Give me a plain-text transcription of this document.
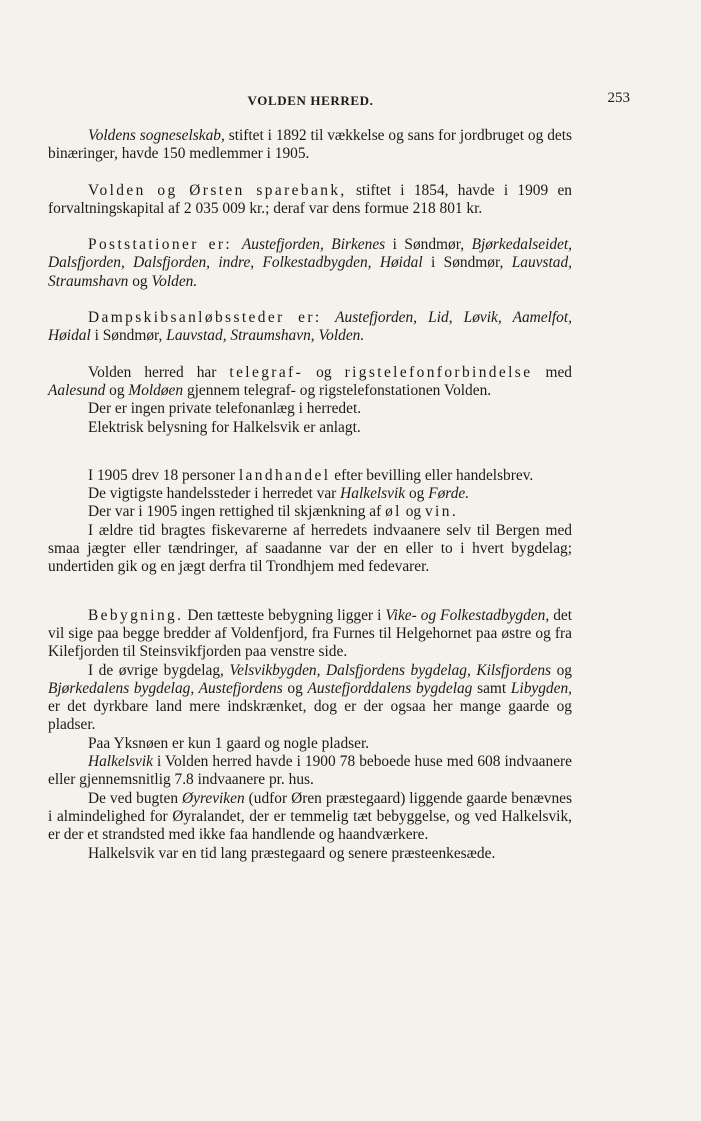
VOLDEN HERRED.	253

Voldens sogneselskab, stiftet i 1892 til vækkelse og sans for jordbruget og dets binæringer, havde 150 medlemmer i 1905.

Volden og Ørsten sparebank, stiftet i 1854, havde i 1909 en forvaltningskapital af 2 035 009 kr.; deraf var dens formue 218 801 kr.

Poststationer er: Austefjorden, Birkenes i Søndmør, Bjørkedalseidet, Dalsfjorden, Dalsfjorden, indre, Folkestadbygden, Høidal i Søndmør, Lauvstad, Straumshavn og Volden.

Dampskibsanløbssteder er: Austefjorden, Lid, Løvik, Aamelfot, Høidal i Søndmør, Lauvstad, Straumshavn, Volden.

Volden herred har telegraf- og rigstelefonforbindelse med Aalesund og Moldøen gjennem telegraf- og rigstelefonstationen Volden.

Der er ingen private telefonanlæg i herredet.

Elektrisk belysning for Halkelsvik er anlagt.

I 1905 drev 18 personer landhandel efter bevilling eller handelsbrev.

De vigtigste handelssteder i herredet var Halkelsvik og Førde.

Der var i 1905 ingen rettighed til skjænkning af øl og vin.

I ældre tid bragtes fiskevarerne af herredets indvaanere selv til Bergen med smaa jægter eller tændringer, af saadanne var der en eller to i hvert bygdelag; undertiden gik og en jægt derfra til Trondhjem med fedevarer.

Bebygning. Den tætteste bebygning ligger i Vike- og Folkestadbygden, det vil sige paa begge bredder af Voldenfjord, fra Furnes til Helgehornet paa østre og fra Kilefjorden til Steinsvikfjorden paa venstre side.

I de øvrige bygdelag, Velsvikbygden, Dalsfjordens bygdelag, Kilsfjordens og Bjørkedalens bygdelag, Austefjordens og Austefjorddalens bygdelag samt Libygden, er det dyrkbare land mere indskrænket, dog er der ogsaa her mange gaarde og pladser.

Paa Yksnøen er kun 1 gaard og nogle pladser.

Halkelsvik i Volden herred havde i 1900 78 beboede huse med 608 indvaanere eller gjennemsnitlig 7.8 indvaanere pr. hus.

De ved bugten Øyreviken (udfor Øren præstegaard) liggende gaarde benævnes i almindelighed for Øyralandet, der er temmelig tæt bebyggelse, og ved Halkelsvik, er der et strandsted med ikke faa handlende og haandværkere.

Halkelsvik var en tid lang præstegaard og senere præsteenkesæde.
